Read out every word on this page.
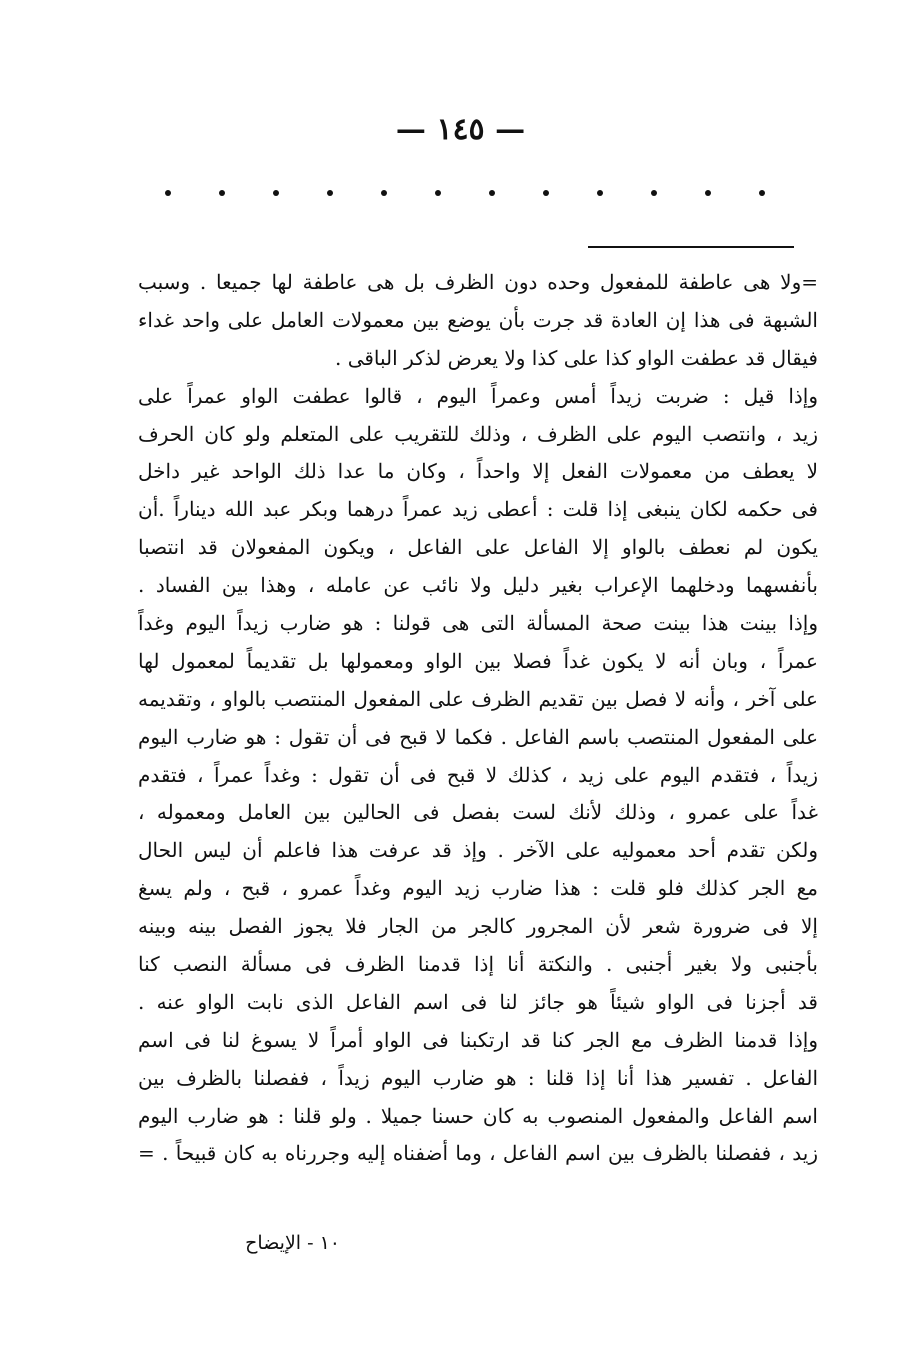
— ١٤٥ —
=ولا هى عاطفة للمفعول وحده دون الظرف بل هى عاطفة لها جميعا . وسبب
الشبهة فى هذا إن العادة قد جرت بأن يوضع بين معمولات العامل على واحد غداء
فيقال قد عطفت الواو كذا على كذا ولا يعرض لذكر الباقى .
وإذا قيل : ضربت زيداً أمس وعمراً اليوم ، قالوا عطفت الواو عمراً على
زيد ، وانتصب اليوم على الظرف ، وذلك للتقريب على المتعلم ولو كان الحرف
لا يعطف من معمولات الفعل إلا واحداً ، وكان ما عدا ذلك الواحد غير داخل
فى حكمه لكان ينبغى إذا قلت : أعطى زيد عمراً درهما وبكر عبد الله ديناراً .أن
يكون لم نعطف بالواو إلا الفاعل على الفاعل ، ويكون المفعولان قد انتصبا
بأنفسهما ودخلهما الإعراب بغير دليل ولا نائب عن عامله ، وهذا بين الفساد .
وإذا بينت هذا بينت صحة المسألة التى هى قولنا : هو ضارب زيداً اليوم وغداً
عمراً ، وبان أنه لا يكون غداً فصلا بين الواو ومعمولها بل تقديماً لمعمول لها
على آخر ، وأنه لا فصل بين تقديم الظرف على المفعول المنتصب بالواو ، وتقديمه
على المفعول المنتصب باسم الفاعل . فكما لا قبح فى أن تقول : هو ضارب اليوم
زيداً ، فتقدم اليوم على زيد ، كذلك لا قبح فى أن تقول : وغداً عمراً ، فتقدم
غداً على عمرو ، وذلك لأنك لست بفصل فى الحالين بين العامل ومعموله ،
ولكن تقدم أحد معموليه على الآخر . وإذ قد عرفت هذا فاعلم أن ليس الحال
مع الجر كذلك فلو قلت : هذا ضارب زيد اليوم وغداً عمرو ، قبح ، ولم يسغ
إلا فى ضرورة شعر لأن المجرور كالجر من الجار فلا يجوز الفصل بينه وبينه
بأجنبى ولا بغير أجنبى . والنكتة أنا إذا قدمنا الظرف فى مسألة النصب كنا
قد أجزنا فى الواو شيئاً هو جائز لنا فى اسم الفاعل الذى نابت الواو عنه .
وإذا قدمنا الظرف مع الجر كنا قد ارتكبنا فى الواو أمراً لا يسوغ لنا فى اسم
الفاعل . تفسير هذا أنا إذا قلنا : هو ضارب اليوم زيداً ، ففصلنا بالظرف بين
اسم الفاعل والمفعول المنصوب به كان حسنا جميلا . ولو قلنا : هو ضارب اليوم
زيد ، ففصلنا بالظرف بين اسم الفاعل ، وما أضفناه إليه وجررناه به كان قبيحاً . =
١٠ - الإيضاح
